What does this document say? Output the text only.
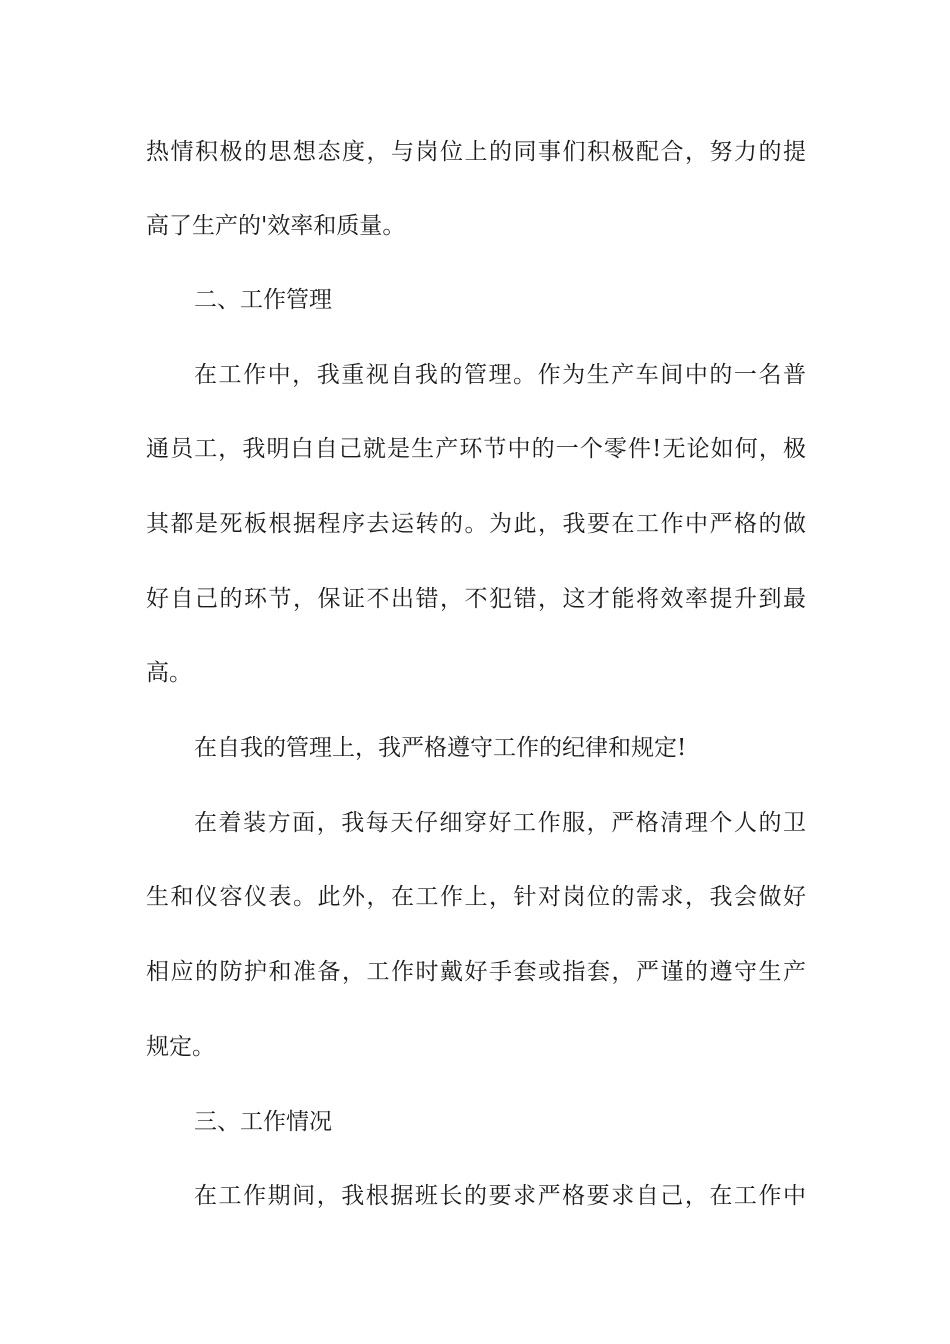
热情积极的思想态度，与岗位上的同事们积极配合，努力的提
高了生产的'效率和质量。
二、工作管理
在工作中，我重视自我的管理。作为生产车间中的一名普
通员工，我明白自己就是生产环节中的一个零件!无论如何，极
其都是死板根据程序去运转的。为此，我要在工作中严格的做
好自己的环节，保证不出错，不犯错，这才能将效率提升到最
高。
在自我的管理上，我严格遵守工作的纪律和规定!
在着装方面，我每天仔细穿好工作服，严格清理个人的卫
生和仪容仪表。此外，在工作上，针对岗位的需求，我会做好
相应的防护和准备，工作时戴好手套或指套，严谨的遵守生产
规定。
三、工作情况
在工作期间，我根据班长的要求严格要求自己，在工作中
